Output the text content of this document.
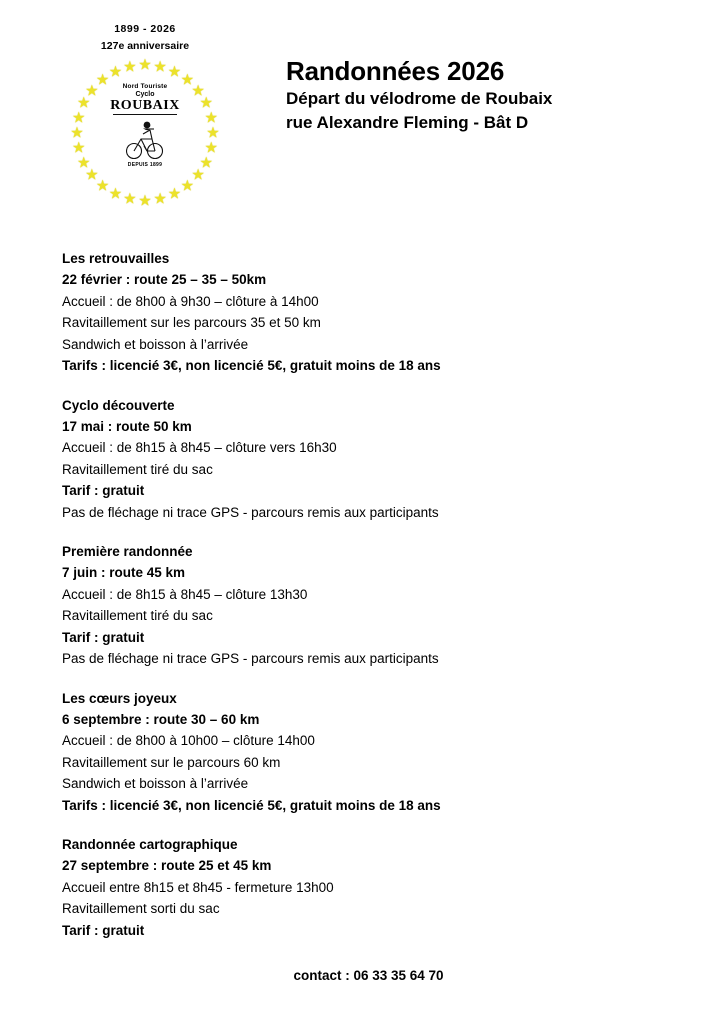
1899 - 2026
127e anniversaire
Nord Touriste
Cyclo
ROUBAIX
DEPUIS 1899
★ ★ ★ ★
★
★
★
★
★
★
★
★
★
★
★
★
★
★
★
★
★
★
★
★
★
★ ★ ★	Randonnées 2026
Départ du vélodrome de Roubaix
rue Alexandre Fleming - Bât D
Les retrouvailles
22 février : route 25 – 35 – 50km
Accueil : de 8h00 à 9h30 – clôture à 14h00
Ravitaillement sur les parcours 35 et 50 km
Sandwich et boisson à l’arrivée
Tarifs : licencié 3€, non licencié 5€, gratuit moins de 18 ans
Cyclo découverte
17 mai : route 50 km
Accueil : de 8h15 à 8h45 – clôture vers 16h30
Ravitaillement tiré du sac
Tarif : gratuit
Pas de fléchage ni trace GPS - parcours remis aux participants
Première randonnée
7 juin : route 45 km
Accueil : de 8h15 à 8h45 – clôture 13h30
Ravitaillement tiré du sac
Tarif : gratuit
Pas de fléchage ni trace GPS - parcours remis aux participants
Les cœurs joyeux
6 septembre : route 30 – 60 km
Accueil : de 8h00 à 10h00 – clôture 14h00
Ravitaillement sur le parcours 60 km
Sandwich et boisson à l’arrivée
Tarifs : licencié 3€, non licencié 5€, gratuit moins de 18 ans
Randonnée cartographique
27 septembre : route 25 et 45 km
Accueil entre 8h15 et 8h45 - fermeture 13h00
Ravitaillement sorti du sac
Tarif : gratuit
contact : 06 33 35 64 70
